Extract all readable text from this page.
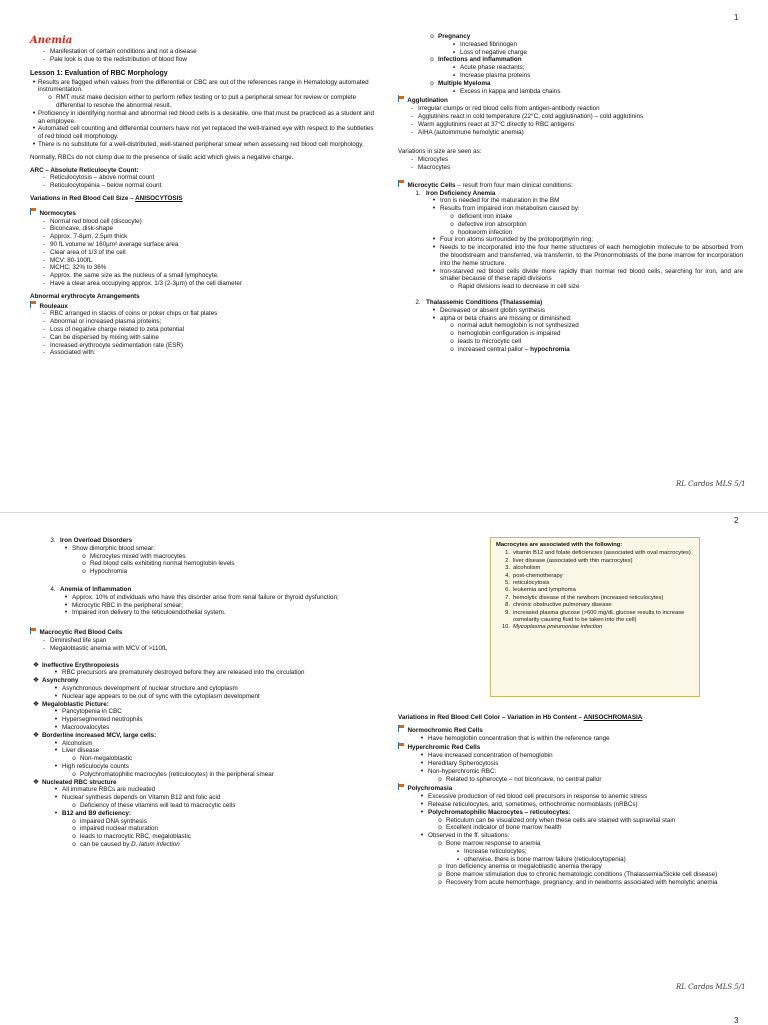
1
RL Cardos MLS 5/1
Anemia
- Manifestation of certain conditions and not a disease
- Pale look is due to the redistribution of blood flow
Lesson 1: Evaluation of RBC Morphology
• Results are flagged when values from the differential or CBC are out of the references range in Hematology automated instrumentation.
o RMT must make decision either to perform reflex testing or to pull a peripheral smear for review or complete differential to resolve the abnormal result.
• Proficiency in identifying normal and abnormal red blood cells is a desirable, one that must be practiced as a student and an employee.
• Automated cell counting and differential counters have not yet replaced the well-trained eye with respect to the subtleties of red blood cell morphology.
• There is no substitute for a well-distributed, well-stained peripheral smear when assessing red blood cell morphology.
Normally, RBCs do not clump due to the presence of sialic acid which gives a negative charge.
ARC – Absolute Reticulocyte Count:
- Reticulocytosis – above normal count
- Reticulocytopenia – below normal count
Variations in Red Blood Cell Size – ANISOCYTOSIS
Normocytes
- Normal red blood cell (discocyte)
- Biconcave, disk-shape
- Approx. 7-8µm, 2.5µm thick
- 90 fL volume w/ 160µm² average surface area
- Clear area of 1/3 of the cell
- MCV: 80-100fL
- MCHC: 32% to 36%
- Approx. the same size as the nucleus of a small lymphocyte.
- Have a clear area occupying approx. 1/3 (2-3µm) of the cell diameter
Abnormal erythrocyte Arrangements
Rouleaux
- RBC arranged in stacks of coins or poker chips or flat plates
- Abnormal or increased plasma proteins;
- Loss of negative charge related to zeta potential
- Can be dispersed by mixing with saline
- Increased erythrocyte sedimentation rate (ESR)
- Associated with:
o Pregnancy
▪ Increased fibrinogen
▪ Loss of negative charge
o Infections and inflammation
▪ Acute phase reactants;
▪ Increase plasma proteins
o Multiple Myeloma
▪ Excess in kappa and lambda chains
Agglutination
- Irregular clumps or red blood cells from antigen-antibody reaction
- Agglutinins react in cold temperature (22°C, cold agglutination) – cold agglutinins
- Warm agglutinins react at 37°C directly to RBC antigens
- AIHA (autoimmune hemolytic anemia)
Variations in size are seen as:
- Microcytes
- Macrocytes
Microcytic Cells – result from four main clinical conditions:
1. Iron Deficiency Anemia
• Iron is needed for the maturation in the BM
• Results from impaired iron metabolism caused by:
o deficient iron intake
o defective iron absorption
o hookworm infection
• Four iron atoms surrounded by the protoporphyrin ring;
• Needs to be incorporated into the four heme structures of each hemoglobin molecule to be absorbed from the bloodstream and transferred, via transferrin, to the Pronormoblasts of the bone marrow for incorporation into the heme structure.
• Iron-starved red blood cells divide more rapidly than normal red blood cells, searching for iron, and are smaller because of these rapid divisions
o Rapid divisions lead to decrease in cell size
2. Thalassemic Conditions (Thalassemia)
• Decreased or absent globin synthesis
• alpha or beta chains are missing or diminished:
o normal adult hemoglobin is not synthesized
o hemoglobin configuration is impaired
o leads to microcytic cell
o increased central pallor – hypochromia
2
RL Cardos MLS 5/1
3. Iron Overload Disorders
• Show dimorphic blood smear:
o Microcytes mixed with macrocytes
o Red blood cells exhibiting normal hemoglobin levels
o Hypochromia
4. Anemia of Inflammation
• Approx. 10% of individuals who have this disorder arise from renal failure or thyroid dysfunction;
• Microcytic RBC in the peripheral smear;
• Impaired iron delivery to the reticuloendothelial system.
Macrocytic Red Blood Cells
- Diminished life span
- Megaloblastic anemia with MCV of >110fL
❖ Ineffective Erythropoiesis
• RBC precursors are prematurely destroyed before they are released into the circulation
❖ Asynchrony
• Asynchronous development of nuclear structure and cytoplasm
• Nuclear age appears to be out of sync with the cytoplasm development
❖ Megaloblastic Picture:
• Pancytopenia in CBC
• Hypersegmented neutrophils
• Macroovalocytes
❖ Borderline increased MCV, large cells:
• Alcoholism
• Liver disease
o Non-megaloblastic
• High reticulocyte counts
o Polychromatophilic macrocytes (reticulocytes) in the peripheral smear
❖ Nucleated RBC structure
• All immature RBCs are nucleated
• Nuclear synthesis depends on Vitamin B12 and folic acid
o Deficiency of these vitamins will lead to macrocytic cells
• B12 and B9 deficiency:
o impaired DNA synthesis
o impaired nuclear maturation
o leads to macrocytic RBC, megaloblastic
o can be caused by D. latum infection
Macrocytes are associated with the following:
1. vitamin B12 and folate deficiencies (associated with oval macrocytes)
2. liver disease (associated with thin macrocytes)
3. alcoholism
4. post-chemotherapy
5. reticulocytosis
6. leukemia and lymphoma
7. hemolytic disease of the newborn (increased reticulocytes)
8. chronic obstructive pulmonary disease
9. increased plasma glucose (>600 mg/dL glucose results to increase osmolarity causing fluid to be taken into the cell)
10. Mycoplasma pneumoniae infection
Variations in Red Blood Cell Color – Variation in Hb Content – ANISOCHROMASIA
Normochromic Red Cells
• Have hemoglobin concentration that is within the reference range
Hyperchromic Red Cells
• Have increased concentration of hemoglobin
• Hereditary Spherocytosis
• Non-hyperchromic RBC:
o Related to spherocyte – not biconcave, no central pallor
Polychromasia
• Excessive production of red blood cell precursors in response to anemic stress
• Release reticulocytes, and, sometimes, orthochromic normoblasts (nRBCs)
• Polychromatophilic Macrocytes – reticulocytes:
o Reticulum can be visualized only when these cells are stained with supravital stain
o Excellent indicator of bone marrow health
• Observed in the ff. situations:
o Bone marrow response to anemia
▪ Increase reticulocytes;
▪ otherwise, there is bone marrow failure (reticulocytopenia)
o Iron deficiency anemia or megaloblastic anemia therapy
o Bone marrow stimulation due to chronic hematologic conditions (Thalassemia/Sickle cell disease)
o Recovery from acute hemorrhage, pregnancy, and in newborns associated with hemolytic anemia
3
